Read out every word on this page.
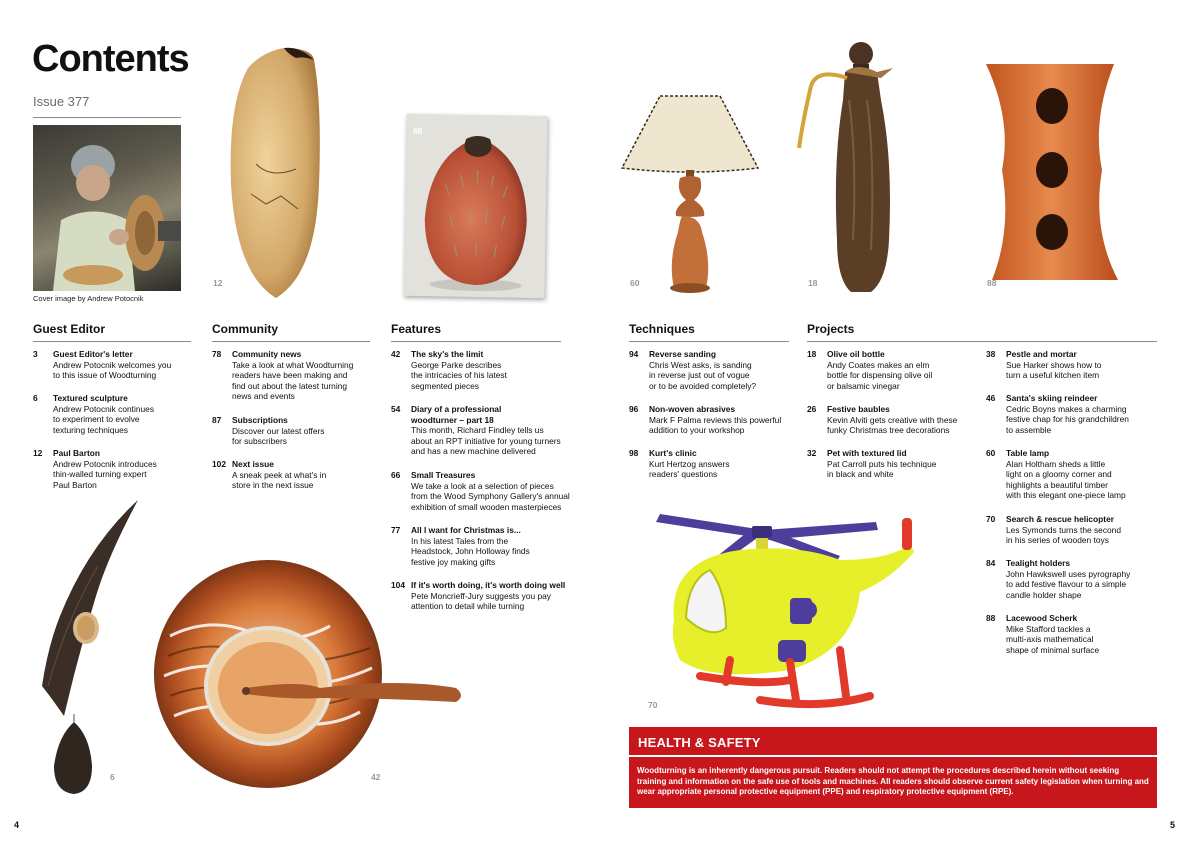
Contents
Issue 377
Cover image by Andrew Potocnik
12
66
60	18	88
Guest Editor	Community	Features	Techniques	Projects
3 Guest Editor's letter
Andrew Potocnik welcomes you
to this issue of Woodturning
6 Textured sculpture
Andrew Potocnik continues
to experiment to evolve
texturing techniques
12 Paul Barton
Andrew Potocnik introduces
thin-walled turning expert
Paul Barton
78 Community news
Take a look at what Woodturning
readers have been making and
find out about the latest turning
news and events
87 Subscriptions
Discover our latest offers
for subscribers
102 Next issue
A sneak peek at what's in
store in the next issue
42 The sky's the limit
George Parke describes
the intricacies of his latest
segmented pieces
54 Diary of a professional
woodturner – part 18
This month, Richard Findley tells us
about an RPT initiative for young turners
and has a new machine delivered
66 Small Treasures
We take a look at a selection of pieces
from the Wood Symphony Gallery's annual
exhibition of small wooden masterpieces
77 All I want for Christmas is...
In his latest Tales from the
Headstock, John Holloway finds
festive joy making gifts
104 If it's worth doing, it's worth doing well
Pete Moncrieff-Jury suggests you pay
attention to detail while turning
94 Reverse sanding
Chris West asks, is sanding
in reverse just out of vogue
or to be avoided completely?
96 Non-woven abrasives
Mark F Palma reviews this powerful
addition to your workshop
98 Kurt's clinic
Kurt Hertzog answers
readers' questions
18 Olive oil bottle
Andy Coates makes an elm
bottle for dispensing olive oil
or balsamic vinegar
26 Festive baubles
Kevin Alviti gets creative with these
funky Christmas tree decorations
32 Pet with textured lid
Pat Carroll puts his technique
in black and white
38 Pestle and mortar
Sue Harker shows how to
turn a useful kitchen item
46 Santa's skiing reindeer
Cedric Boyns makes a charming
festive chap for his grandchildren
to assemble
60 Table lamp
Alan Holtham sheds a little
light on a gloomy corner and
highlights a beautiful timber
with this elegant one-piece lamp
70 Search & rescue helicopter
Les Symonds turns the second
in his series of wooden toys
84 Tealight holders
John Hawkswell uses pyrography
to add festive flavour to a simple
candle holder shape
88 Lacewood Scherk
Mike Stafford tackles a
multi-axis mathematical
shape of minimal surface
6	42
70
HEALTH & SAFETY
Woodturning is an inherently dangerous pursuit. Readers should not attempt the procedures described herein without seeking training and information on the safe use of tools and machines. All readers should observe current safety legislation when turning and wear appropriate personal protective equipment (PPE) and respiratory protective equipment (RPE).
4	5
